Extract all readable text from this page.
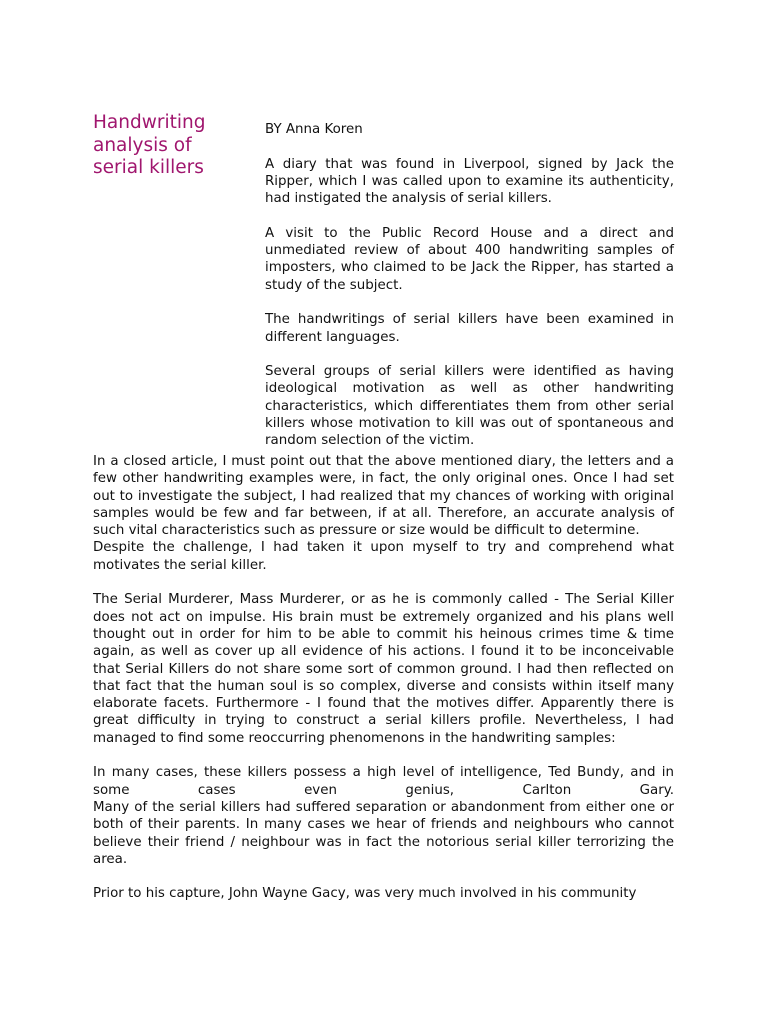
Handwriting analysis of serial killers

BY Anna Koren

A diary that was found in Liverpool, signed by Jack the Ripper, which I was called upon to examine its authenticity, had instigated the analysis of serial killers.

A visit to the Public Record House and a direct and unmediated review of about 400 handwriting samples of imposters, who claimed to be Jack the Ripper, has started a study of the subject.

The handwritings of serial killers have been examined in different languages.

Several groups of serial killers were identified as having ideological motivation as well as other handwriting characteristics, which differentiates them from other serial killers whose motivation to kill was out of spontaneous and random selection of the victim.

In a closed article, I must point out that the above mentioned diary, the letters and a few other handwriting examples were, in fact, the only original ones. Once I had set out to investigate the subject, I had realized that my chances of working with original samples would be few and far between, if at all. Therefore, an accurate analysis of such vital characteristics such as pressure or size would be difficult to determine.

Despite the challenge, I had taken it upon myself to try and comprehend what motivates the serial killer.

The Serial Murderer, Mass Murderer, or as he is commonly called - The Serial Killer does not act on impulse. His brain must be extremely organized and his plans well thought out in order for him to be able to commit his heinous crimes time & time again, as well as cover up all evidence of his actions. I found it to be inconceivable that Serial Killers do not share some sort of common ground. I had then reflected on that fact that the human soul is so complex, diverse and consists within itself many elaborate facets. Furthermore - I found that the motives differ. Apparently there is great difficulty in trying to construct a serial killers profile. Nevertheless, I had managed to find some reoccurring phenomenons in the handwriting samples:

In many cases, these killers possess a high level of intelligence, Ted Bundy, and in some cases even genius, Carlton Gary.

Many of the serial killers had suffered separation or abandonment from either one or both of their parents. In many cases we hear of friends and neighbours who cannot believe their friend / neighbour was in fact the notorious serial killer terrorizing the area.

Prior to his capture, John Wayne Gacy, was very much involved in his community
